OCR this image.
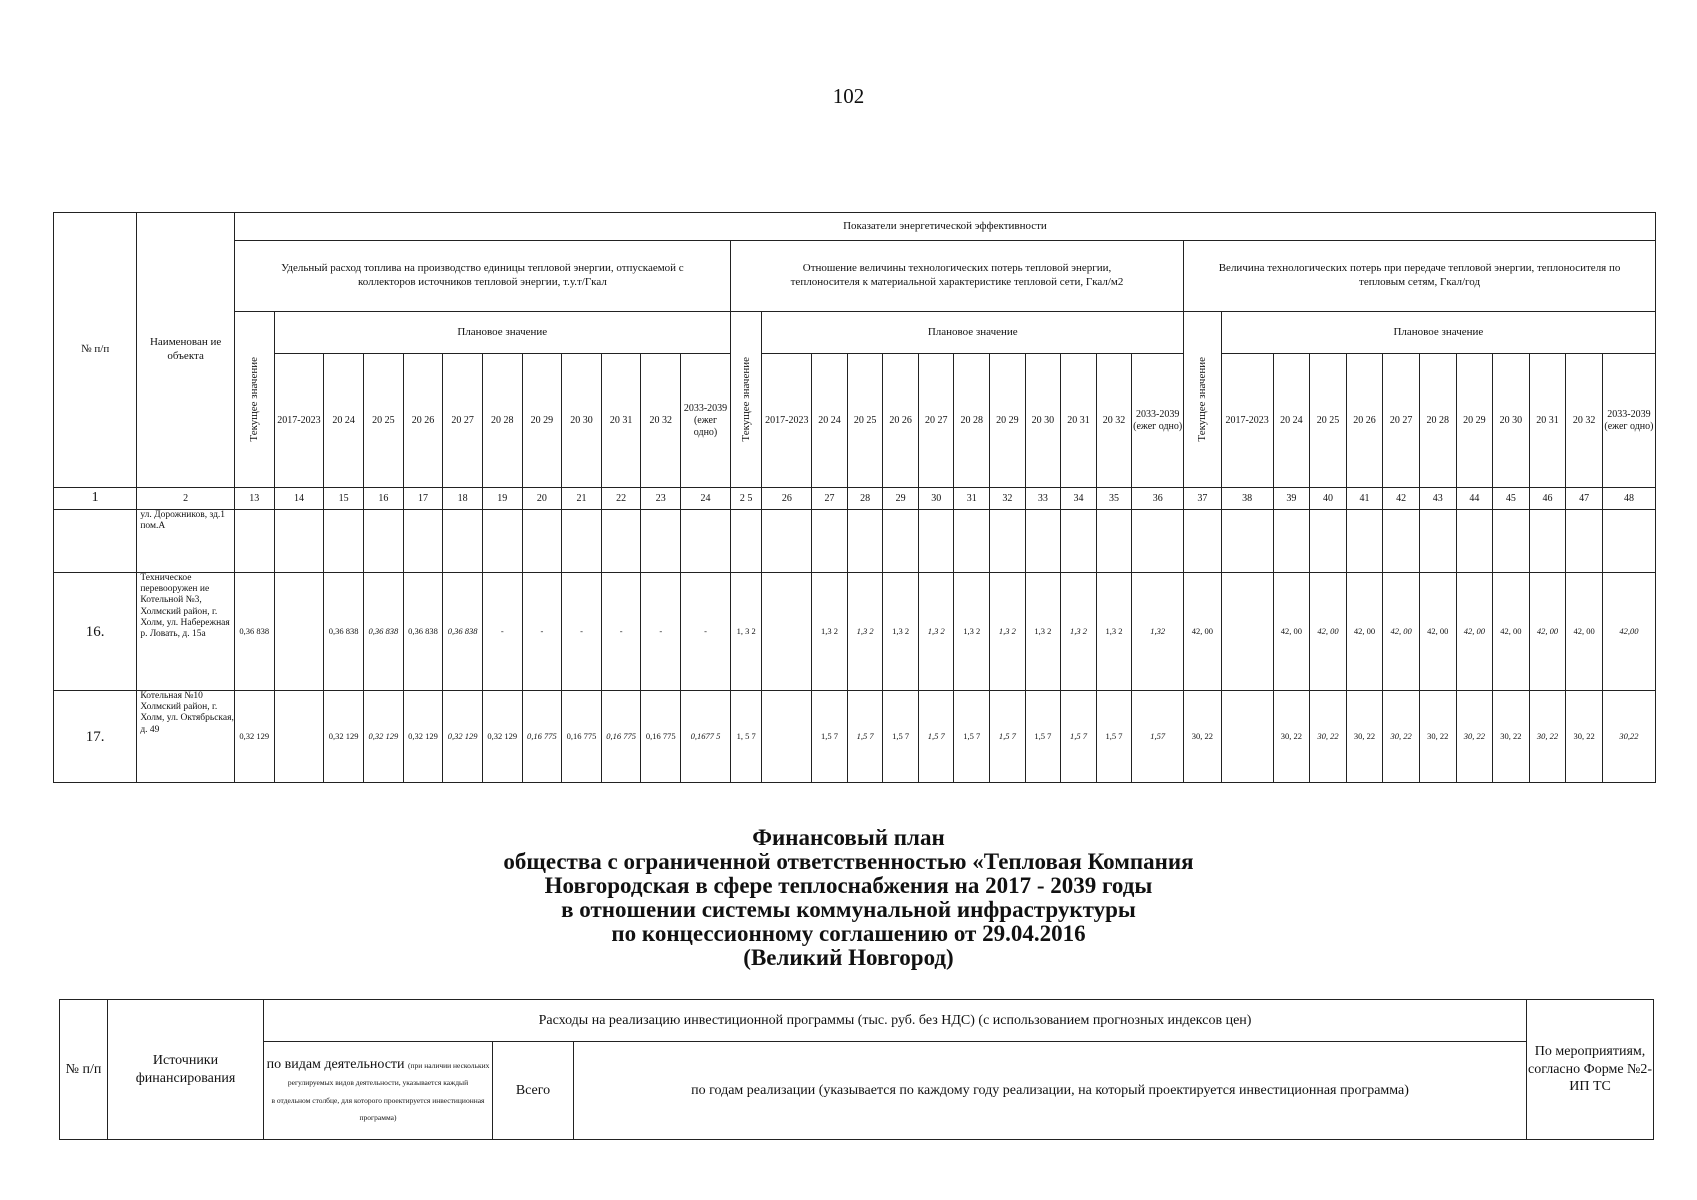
102
№ п/п	Наименован ие объекта	Показатели энергетической эффективности																																			
		Удельный расход топлива на производство единицы тепловой энергии, отпускаемой с коллекторов источников тепловой энергии, т.у.т/Гкал												Отношение величины технологических потерь тепловой энергии, теплоносителя к материальной характеристике тепловой сети, Гкал/м2												Величина технологических потерь при передаче тепловой энергии, теплоносителя по тепловым сетям, Гкал/год											

		Текущее значение	Плановое значение											Текущее значение	Плановое значение											Текущее значение	Плановое значение										
			2017-2023	20 24	20 25	20 26	20 27	20 28	20 29	20 30	20 31	20 32	2033-2039 (ежег одно)		2017-2023	20 24	20 25	20 26	20 27	20 28	20 29	20 30	20 31	20 32	2033-2039 (ежег одно)		2017-2023	20 24	20 25	20 26	20 27	20 28	20 29	20 30	20 31	20 32	2033-2039 (ежег одно)
1	2	13	14	15	16	17	18	19	20	21	22	23	24	2 5	26	27	28	29	30	31	32	33	34	35	36	37	38	39	40	41	42	43	44	45	46	47	48
	ул. Дорожников, зд.1 пом.А																																				
16.	Техническое перевооружен ие Котельной №3, Холмский район, г. Холм, ул. Набережная р. Ловать, д. 15а	0,36 838		0,36 838	0,36 838	0,36 838	0,36 838	-	-	-	-	-	-	1, 3 2		1,3 2	1,3 2	1,3 2	1,3 2	1,3 2	1,3 2	1,3 2	1,3 2	1,3 2	1,32	42, 00		42, 00	42, 00	42, 00	42, 00	42, 00	42, 00	42, 00	42, 00	42, 00	42,00
17.	Котельная №10 Холмский район, г. Холм, ул. Октябрьская, д. 49	0,32 129		0,32 129	0,32 129	0,32 129	0,32 129	0,32 129	0,16 775	0,16 775	0,16 775	0,16 775	0,1677 5	1, 5 7		1,5 7	1,5 7	1,5 7	1,5 7	1,5 7	1,5 7	1,5 7	1,5 7	1,5 7	1,57	30, 22		30, 22	30, 22	30, 22	30, 22	30, 22	30, 22	30, 22	30, 22	30, 22	30,22
Финансовый план
общества с ограниченной ответственностью «Тепловая Компания
Новгородская в сфере теплоснабжения на 2017 - 2039 годы
в отношении системы коммунальной инфраструктуры
по концессионному соглашению от 29.04.2016
(Великий Новгород)
№ п/п	Источники финансирования	Расходы на реализацию инвестиционной программы (тыс. руб. без НДС) (с использованием прогнозных индексов цен)			По мероприятиям, согласно Форме №2-ИП ТС
		по видам деятельности (при наличии нескольких регулируемых видов деятельности, указывается каждый
в отдельном столбце, для которого проектируется инвестиционная программа)	Всего	по годам реализации (указывается по каждому году реализации, на который проектируется инвестиционная программа)	
